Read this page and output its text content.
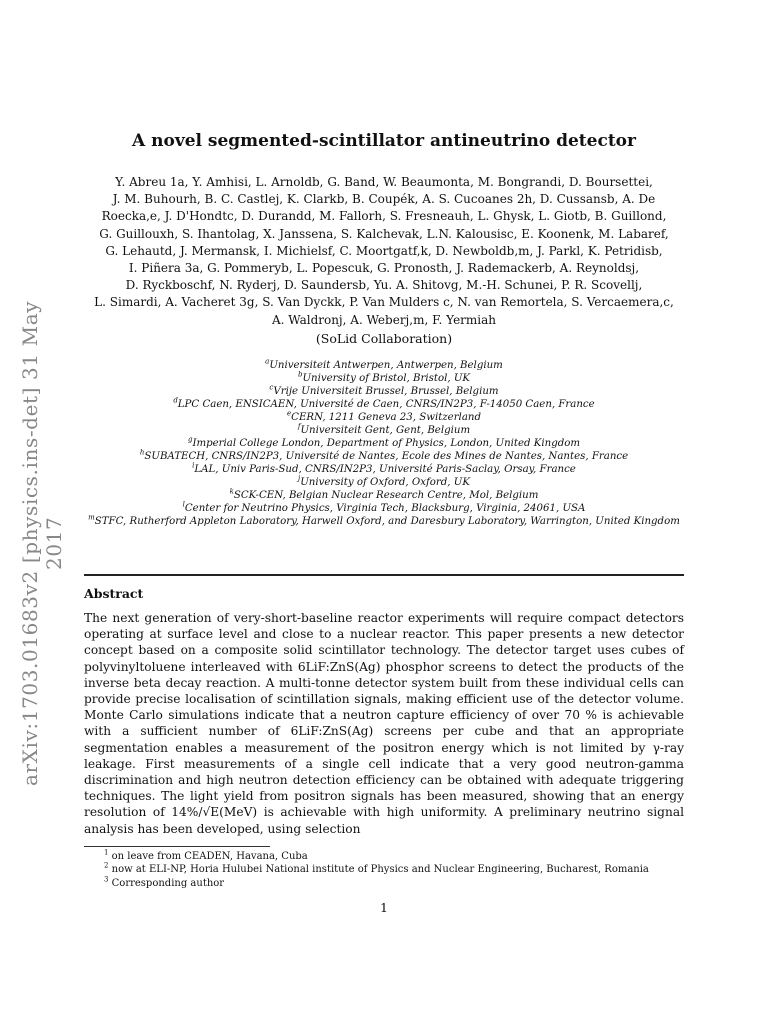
arXiv:1703.01683v2 [physics.ins-det] 31 May 2017
A novel segmented-scintillator antineutrino detector
Y. Abreu 1a, Y. Amhisi, L. Arnoldb, G. Band, W. Beaumonta, M. Bongrandi, D. Boursettei,
J. M. Buhourh, B. C. Castlej, K. Clarkb, B. Coupék, A. S. Cucoanes 2h, D. Cussansb, A. De
Roecka,e, J. D'Hondtc, D. Durandd, M. Fallorh, S. Fresneauh, L. Ghysk, L. Giotb, B. Guillond,
G. Guillouxh, S. Ihantolag, X. Janssena, S. Kalchevak, L.N. Kalousisc, E. Koonenk, M. Labaref,
G. Lehautd, J. Mermansk, I. Michielsf, C. Moortgatf,k, D. Newboldb,m, J. Parkl, K. Petridisb,
I. Piñera 3a, G. Pommeryb, L. Popescuk, G. Pronosth, J. Rademackerb, A. Reynoldsj,
D. Ryckboschf, N. Ryderj, D. Saundersb, Yu. A. Shitovg, M.-H. Schunei, P. R. Scovellj,
L. Simardi, A. Vacheret 3g, S. Van Dyckk, P. Van Mulders c, N. van Remortela, S. Vercaemera,c,
A. Waldronj, A. Weberj,m, F. Yermiah
(SoLid Collaboration)
$^a$Universiteit Antwerpen, Antwerpen, Belgium
$^b$University of Bristol, Bristol, UK
$^c$Vrije Universiteit Brussel, Brussel, Belgium
$^d$LPC Caen, ENSICAEN, Université de Caen, CNRS/IN2P3, F-14050 Caen, France
$^e$CERN, 1211 Geneva 23, Switzerland
$^f$Universiteit Gent, Gent, Belgium
$^g$Imperial College London, Department of Physics, London, United Kingdom
$^h$SUBATECH, CNRS/IN2P3, Université de Nantes, Ecole des Mines de Nantes, Nantes, France
$^i$LAL, Univ Paris-Sud, CNRS/IN2P3, Université Paris-Saclay, Orsay, France
$^j$University of Oxford, Oxford, UK
$^k$SCK-CEN, Belgian Nuclear Research Centre, Mol, Belgium
$^l$Center for Neutrino Physics, Virginia Tech, Blacksburg, Virginia, 24061, USA
$^m$STFC, Rutherford Appleton Laboratory, Harwell Oxford, and Daresbury Laboratory, Warrington, United Kingdom
Abstract

The next generation of very-short-baseline reactor experiments will require compact detectors operating at surface level and close to a nuclear reactor. This paper presents a new detector concept based on a composite solid scintillator technology. The detector target uses cubes of polyvinyltoluene interleaved with 6LiF:ZnS(Ag) phosphor screens to detect the products of the inverse beta decay reaction. A multi-tonne detector system built from these individual cells can provide precise localisation of scintillation signals, making efficient use of the detector volume. Monte Carlo simulations indicate that a neutron capture efficiency of over 70 % is achievable with a sufficient number of 6LiF:ZnS(Ag) screens per cube and that an appropriate segmentation enables a measurement of the positron energy which is not limited by γ-ray leakage. First measurements of a single cell indicate that a very good neutron-gamma discrimination and high neutron detection efficiency can be obtained with adequate triggering techniques. The light yield from positron signals has been measured, showing that an energy resolution of 14%/√E(MeV) is achievable with high uniformity. A preliminary neutrino signal analysis has been developed, using selection

$^1$ on leave from CEADEN, Havana, Cuba
$^2$ now at ELI-NP, Horia Hulubei National institute of Physics and Nuclear Engineering, Bucharest, Romania
$^3$ Corresponding author
1
